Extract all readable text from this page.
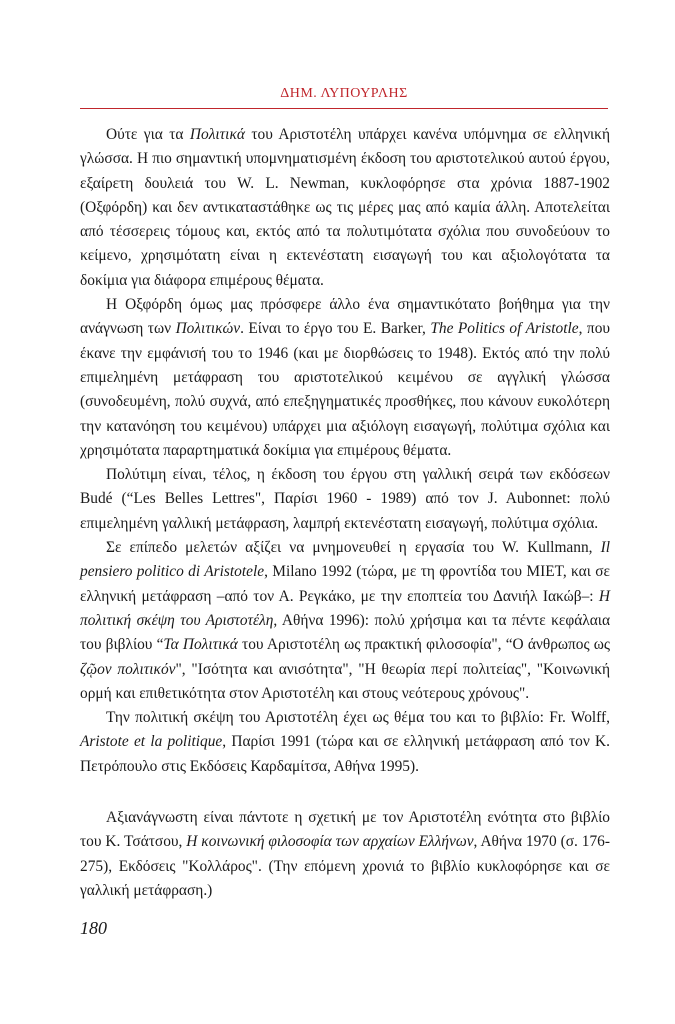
ΔΗΜ. ΛΥΠΟΥΡΛΗΣ

Ούτε για τα Πολιτικά του Αριστοτέλη υπάρχει κανένα υπόμνημα σε ελληνική γλώσσα. Η πιο σημαντική υπομνηματισμένη έκδοση του αριστοτελικού αυτού έργου, εξαίρετη δουλειά του W. L. Newman, κυκλοφόρησε στα χρόνια 1887-1902 (Οξφόρδη) και δεν αντικαταστάθηκε ως τις μέρες μας από καμία άλλη. Αποτελείται από τέσσερεις τόμους και, εκτός από τα πολυτιμότατα σχόλια που συνοδεύουν το κείμενο, χρησιμότατη είναι η εκτενέστατη εισαγωγή του και αξιολογότατα τα δοκίμια για διάφορα επιμέρους θέματα.

Η Οξφόρδη όμως μας πρόσφερε άλλο ένα σημαντικότατο βοήθημα για την ανάγνωση των Πολιτικών. Είναι το έργο του E. Barker, The Politics of Aristotle, που έκανε την εμφάνισή του το 1946 (και με διορθώσεις το 1948). Εκτός από την πολύ επιμελημένη μετάφραση του αριστοτελικού κειμένου σε αγγλική γλώσσα (συνοδευμένη, πολύ συχνά, από επεξηγηματικές προσθήκες, που κάνουν ευκολότερη την κατανόηση του κειμένου) υπάρχει μια αξιόλογη εισαγωγή, πολύτιμα σχόλια και χρησιμότατα παραρτηματικά δοκίμια για επιμέρους θέματα.

Πολύτιμη είναι, τέλος, η έκδοση του έργου στη γαλλική σειρά των εκδόσεων Budé (“Les Belles Lettres", Παρίσι 1960 - 1989) από τον J. Aubonnet: πολύ επιμελημένη γαλλική μετάφραση, λαμπρή εκτενέστατη εισαγωγή, πολύτιμα σχόλια.

Σε επίπεδο μελετών αξίζει να μνημονευθεί η εργασία του W. Kullmann, Il pensiero politico di Aristotele, Milano 1992 (τώρα, με τη φροντίδα του ΜΙΕΤ, και σε ελληνική μετάφραση –από τον Α. Ρεγκάκο, με την εποπτεία του Δανιήλ Ιακώβ–: Η πολιτική σκέψη του Αριστοτέλη, Αθήνα 1996): πολύ χρήσιμα και τα πέντε κεφάλαια του βιβλίου “Τα Πολιτικά του Αριστοτέλη ως πρακτική φιλοσοφία", “Ο άνθρωπος ως ζῷον πολιτικόν", "Ισότητα και ανισότητα", "Η θεωρία περί πολιτείας", "Κοινωνική ορμή και επιθετικότητα στον Αριστοτέλη και στους νεότερους χρόνους".

Την πολιτική σκέψη του Αριστοτέλη έχει ως θέμα του και το βιβλίο: Fr. Wolff, Aristote et la politique, Παρίσι 1991 (τώρα και σε ελληνική μετάφραση από τον Κ. Πετρόπουλο στις Εκδόσεις Καρδαμίτσα, Αθήνα 1995).

Αξιανάγνωστη είναι πάντοτε η σχετική με τον Αριστοτέλη ενότητα στο βιβλίο του Κ. Τσάτσου, Η κοινωνική φιλοσοφία των αρχαίων Ελλήνων, Αθήνα 1970 (σ. 176- 275), Εκδόσεις "Κολλάρος". (Την επόμενη χρονιά το βιβλίο κυκλοφόρησε και σε γαλλική μετάφραση.)

180
